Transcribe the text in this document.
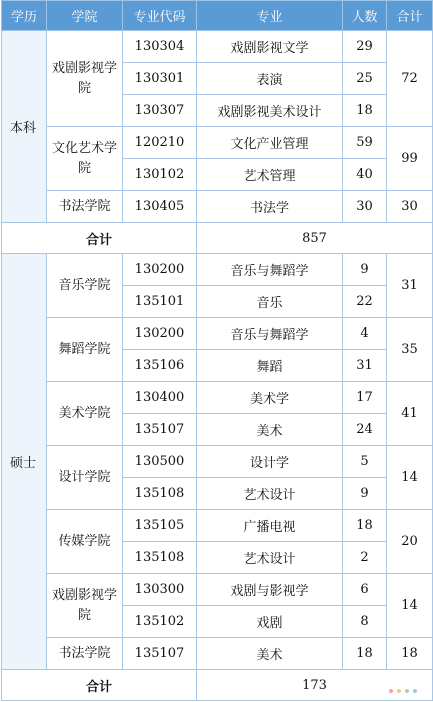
学历	学院	专业代码	专业	人数	合计
本科	戏剧影视学院	130304	戏剧影视文学	29	72
		130301	表演	25	
		130307	戏剧影视美术设计	18	
	文化艺术学院	120210	文化产业管理	59	99
		130102	艺术管理	40	
	书法学院	130405	书法学	30	30
合计			857		
硕士	音乐学院	130200	音乐与舞蹈学	9	31
		135101	音乐	22	
	舞蹈学院	130200	音乐与舞蹈学	4	35
		135106	舞蹈	31	
	美术学院	130400	美术学	17	41
		135107	美术	24	
	设计学院	130500	设计学	5	14
		135108	艺术设计	9	
	传媒学院	135105	广播电视	18	20
		135108	艺术设计	2	
	戏剧影视学院	130300	戏剧与影视学	6	14
		135102	戏剧	8	
	书法学院	135107	美术	18	18
合计			173		
